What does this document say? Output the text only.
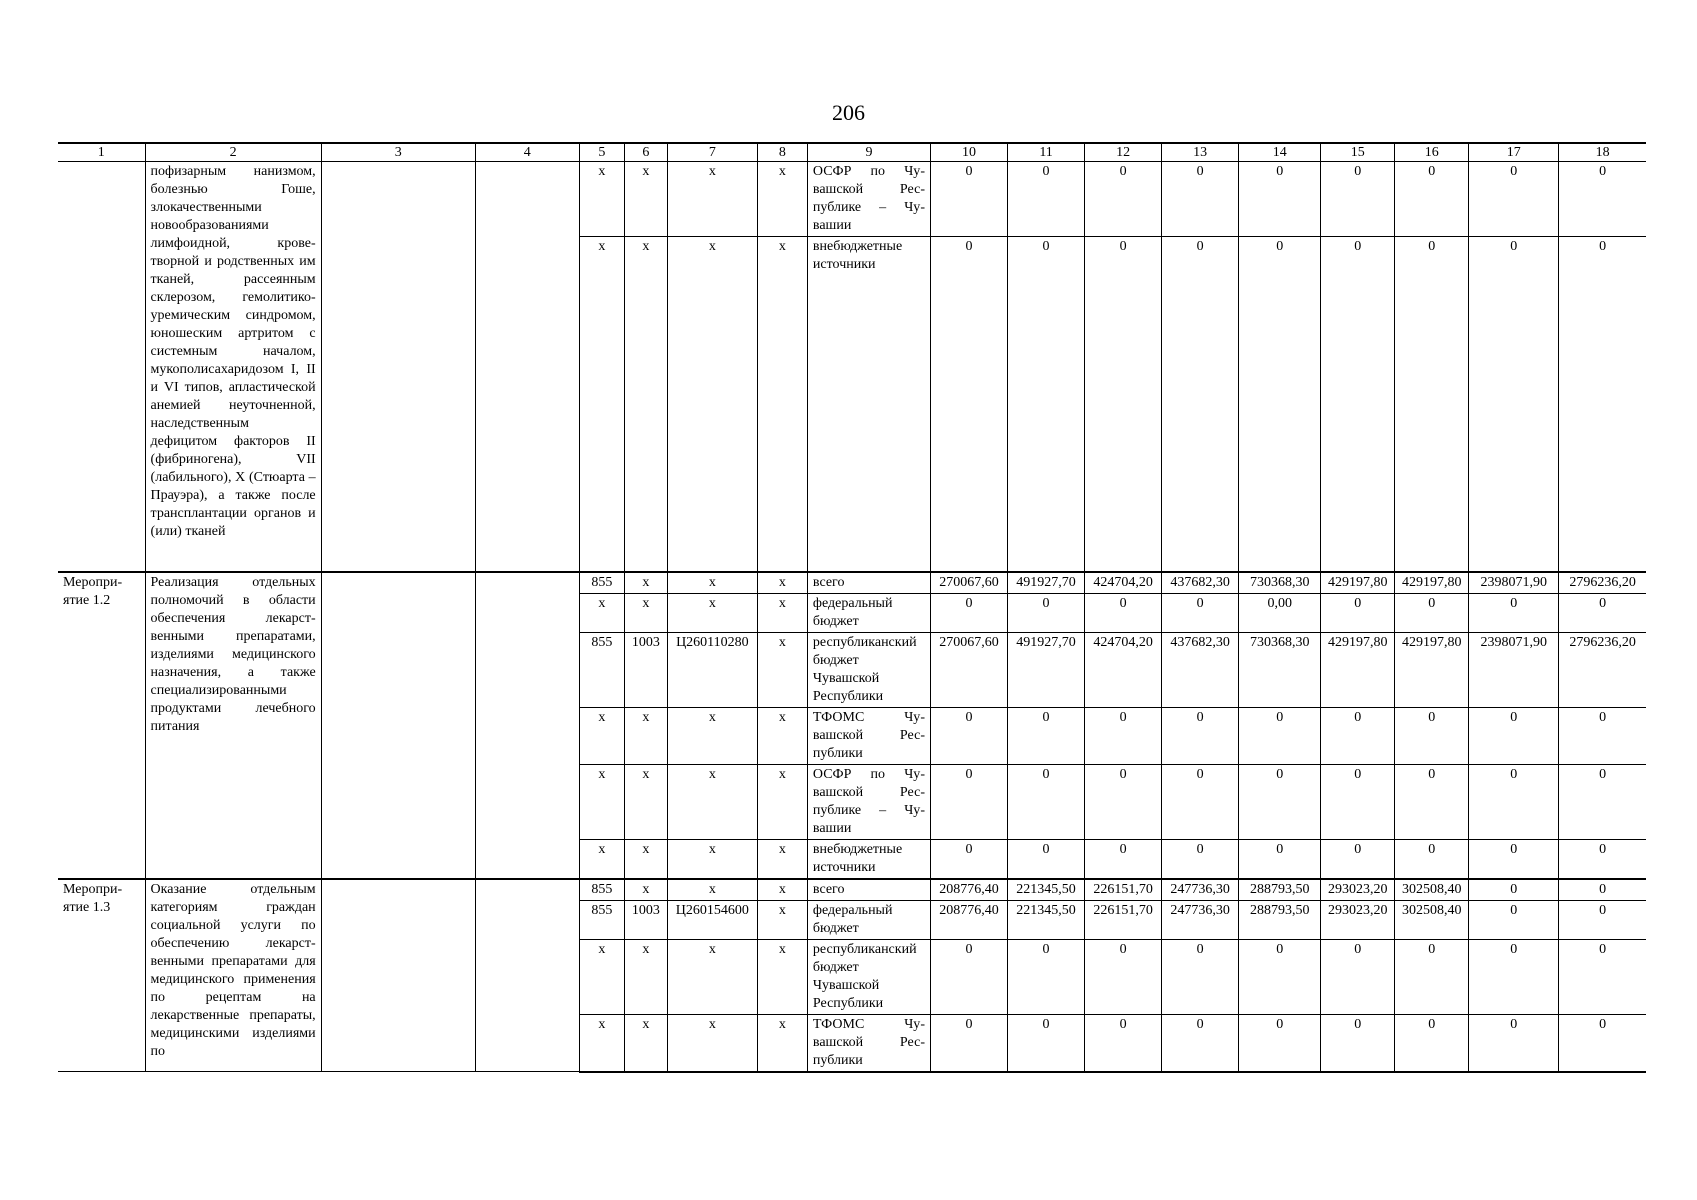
206
1	2	3	4	5	6	7	8	9	10	11	12	13	14	15	16	17	18
	пофизарным нанизмом, болезнью Гоше, злокачественными новообразованиями лимфоидной, кроветворной и родственных им тканей, рассеянным склерозом, гемолитико-уремическим синдромом, юношеским артритом с системным началом, мукополисахаридозом I, II и VI типов, апластической анемией неуточненной, наследственным дефицитом факторов II (фибриногена), VII (лабильного), X (Стюарта – Прауэра), а также после трансплантации органов и (или) тканей			x	x	x	x	ОСФР по Чувашской Республике – Чувашии	0	0	0	0	0	0	0	0	0
				x	x	x	x	внебюджетные источники	0	0	0	0	0	0	0	0	0
Мероприятие 1.2	Реализация отдельных полномочий в области обеспечения лекарственными препаратами, изделиями медицинского назначения, а также специализированными продуктами лечебного питания			855	x	x	x	всего	270067,60	491927,70	424704,20	437682,30	730368,30	429197,80	429197,80	2398071,90	2796236,20
				x	x	x	x	федеральный бюджет	0	0	0	0	0,00	0	0	0	0
				855	1003	Ц260110280	x	республиканский бюджет Чувашской Республики	270067,60	491927,70	424704,20	437682,30	730368,30	429197,80	429197,80	2398071,90	2796236,20
				x	x	x	x	ТФОМС Чувашской Республики	0	0	0	0	0	0	0	0	0
				x	x	x	x	ОСФР по Чувашской Республике – Чувашии	0	0	0	0	0	0	0	0	0
				x	x	x	x	внебюджетные источники	0	0	0	0	0	0	0	0	0
Мероприятие 1.3	Оказание отдельным категориям граждан социальной услуги по обеспечению лекарственными препаратами для медицинского применения по рецептам на лекарственные препараты, медицинскими изделиями по			855	x	x	x	всего	208776,40	221345,50	226151,70	247736,30	288793,50	293023,20	302508,40	0	0
				855	1003	Ц260154600	x	федеральный бюджет	208776,40	221345,50	226151,70	247736,30	288793,50	293023,20	302508,40	0	0
				x	x	x	x	республиканский бюджет Чувашской Республики	0	0	0	0	0	0	0	0	0
				x	x	x	x	ТФОМС Чувашской Республики	0	0	0	0	0	0	0	0	0
